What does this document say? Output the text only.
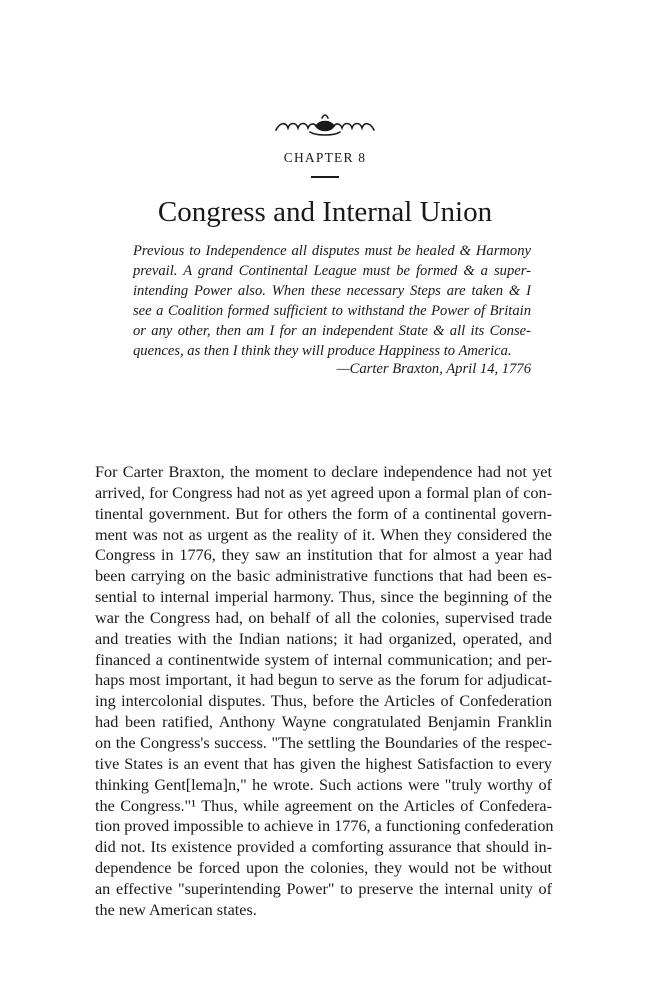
CHAPTER 8
Congress and Internal Union
Previous to Independence all disputes must be healed & Harmony
prevail. A grand Continental League must be formed & a super-
intending Power also. When these necessary Steps are taken & I
see a Coalition formed sufficient to withstand the Power of Britain
or any other, then am I for an independent State & all its Conse-
quences, as then I think they will produce Happiness to America.
—Carter Braxton, April 14, 1776
For Carter Braxton, the moment to declare independence had not yet
arrived, for Congress had not as yet agreed upon a formal plan of con-
tinental government. But for others the form of a continental govern-
ment was not as urgent as the reality of it. When they considered the
Congress in 1776, they saw an institution that for almost a year had
been carrying on the basic administrative functions that had been es-
sential to internal imperial harmony. Thus, since the beginning of the
war the Congress had, on behalf of all the colonies, supervised trade
and treaties with the Indian nations; it had organized, operated, and
financed a continentwide system of internal communication; and per-
haps most important, it had begun to serve as the forum for adjudicat-
ing intercolonial disputes. Thus, before the Articles of Confederation
had been ratified, Anthony Wayne congratulated Benjamin Franklin
on the Congress's success. "The settling the Boundaries of the respec-
tive States is an event that has given the highest Satisfaction to every
thinking Gent[lema]n," he wrote. Such actions were "truly worthy of
the Congress."¹ Thus, while agreement on the Articles of Confedera-
tion proved impossible to achieve in 1776, a functioning confederation
did not. Its existence provided a comforting assurance that should in-
dependence be forced upon the colonies, they would not be without
an effective "superintending Power" to preserve the internal unity of
the new American states.
